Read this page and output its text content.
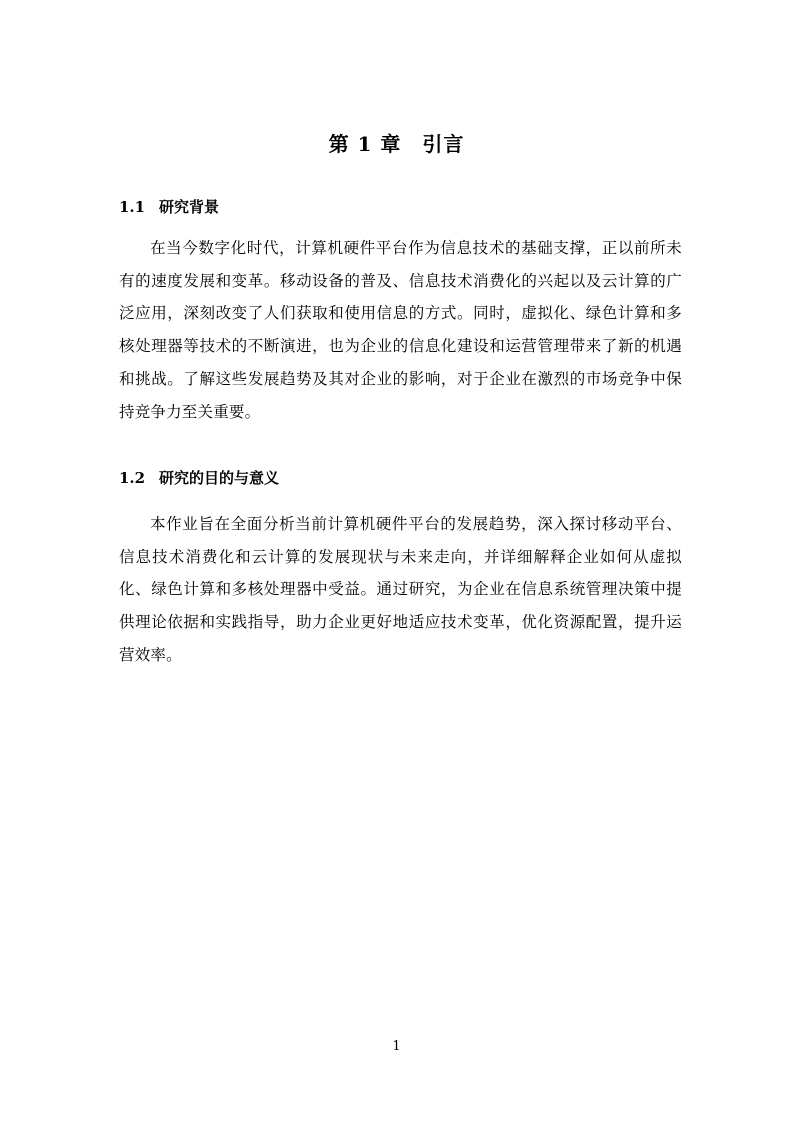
第 1 章　引言
1.1 研究背景
在当今数字化时代，计算机硬件平台作为信息技术的基础支撑，正以前所未有的速度发展和变革。移动设备的普及、信息技术消费化的兴起以及云计算的广泛应用，深刻改变了人们获取和使用信息的方式。同时，虚拟化、绿色计算和多核处理器等技术的不断演进，也为企业的信息化建设和运营管理带来了新的机遇和挑战。了解这些发展趋势及其对企业的影响，对于企业在激烈的市场竞争中保持竞争力至关重要。
1.2 研究的目的与意义
本作业旨在全面分析当前计算机硬件平台的发展趋势，深入探讨移动平台、信息技术消费化和云计算的发展现状与未来走向，并详细解释企业如何从虚拟化、绿色计算和多核处理器中受益。通过研究，为企业在信息系统管理决策中提供理论依据和实践指导，助力企业更好地适应技术变革，优化资源配置，提升运营效率。
1
